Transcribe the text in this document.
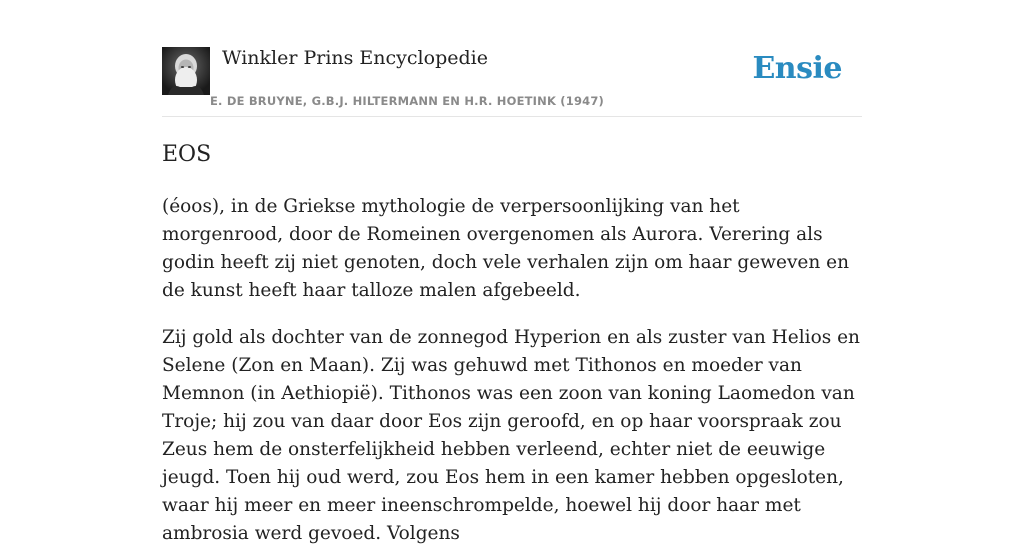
Winkler Prins Encyclopedie
E. DE BRUYNE, G.B.J. HILTERMANN EN H.R. HOETINK (1947)
Ensie
EOS

(éoos), in de Griekse mythologie de verpersoonlijking van het morgenrood, door de Romeinen overgenomen als Aurora. Verering als godin heeft zij niet genoten, doch vele verhalen zijn om haar geweven en de kunst heeft haar talloze malen afgebeeld.

Zij gold als dochter van de zonnegod Hyperion en als zuster van Helios en Selene (Zon en Maan). Zij was gehuwd met Tithonos en moeder van Memnon (in Aethiopië). Tithonos was een zoon van koning Laomedon van Troje; hij zou van daar door Eos zijn geroofd, en op haar voorspraak zou Zeus hem de onsterfelijkheid hebben verleend, echter niet de eeuwige jeugd. Toen hij oud werd, zou Eos hem in een kamer hebben opgesloten, waar hij meer en meer ineenschrompelde, hoewel hij door haar met ambrosia werd gevoed. Volgens
